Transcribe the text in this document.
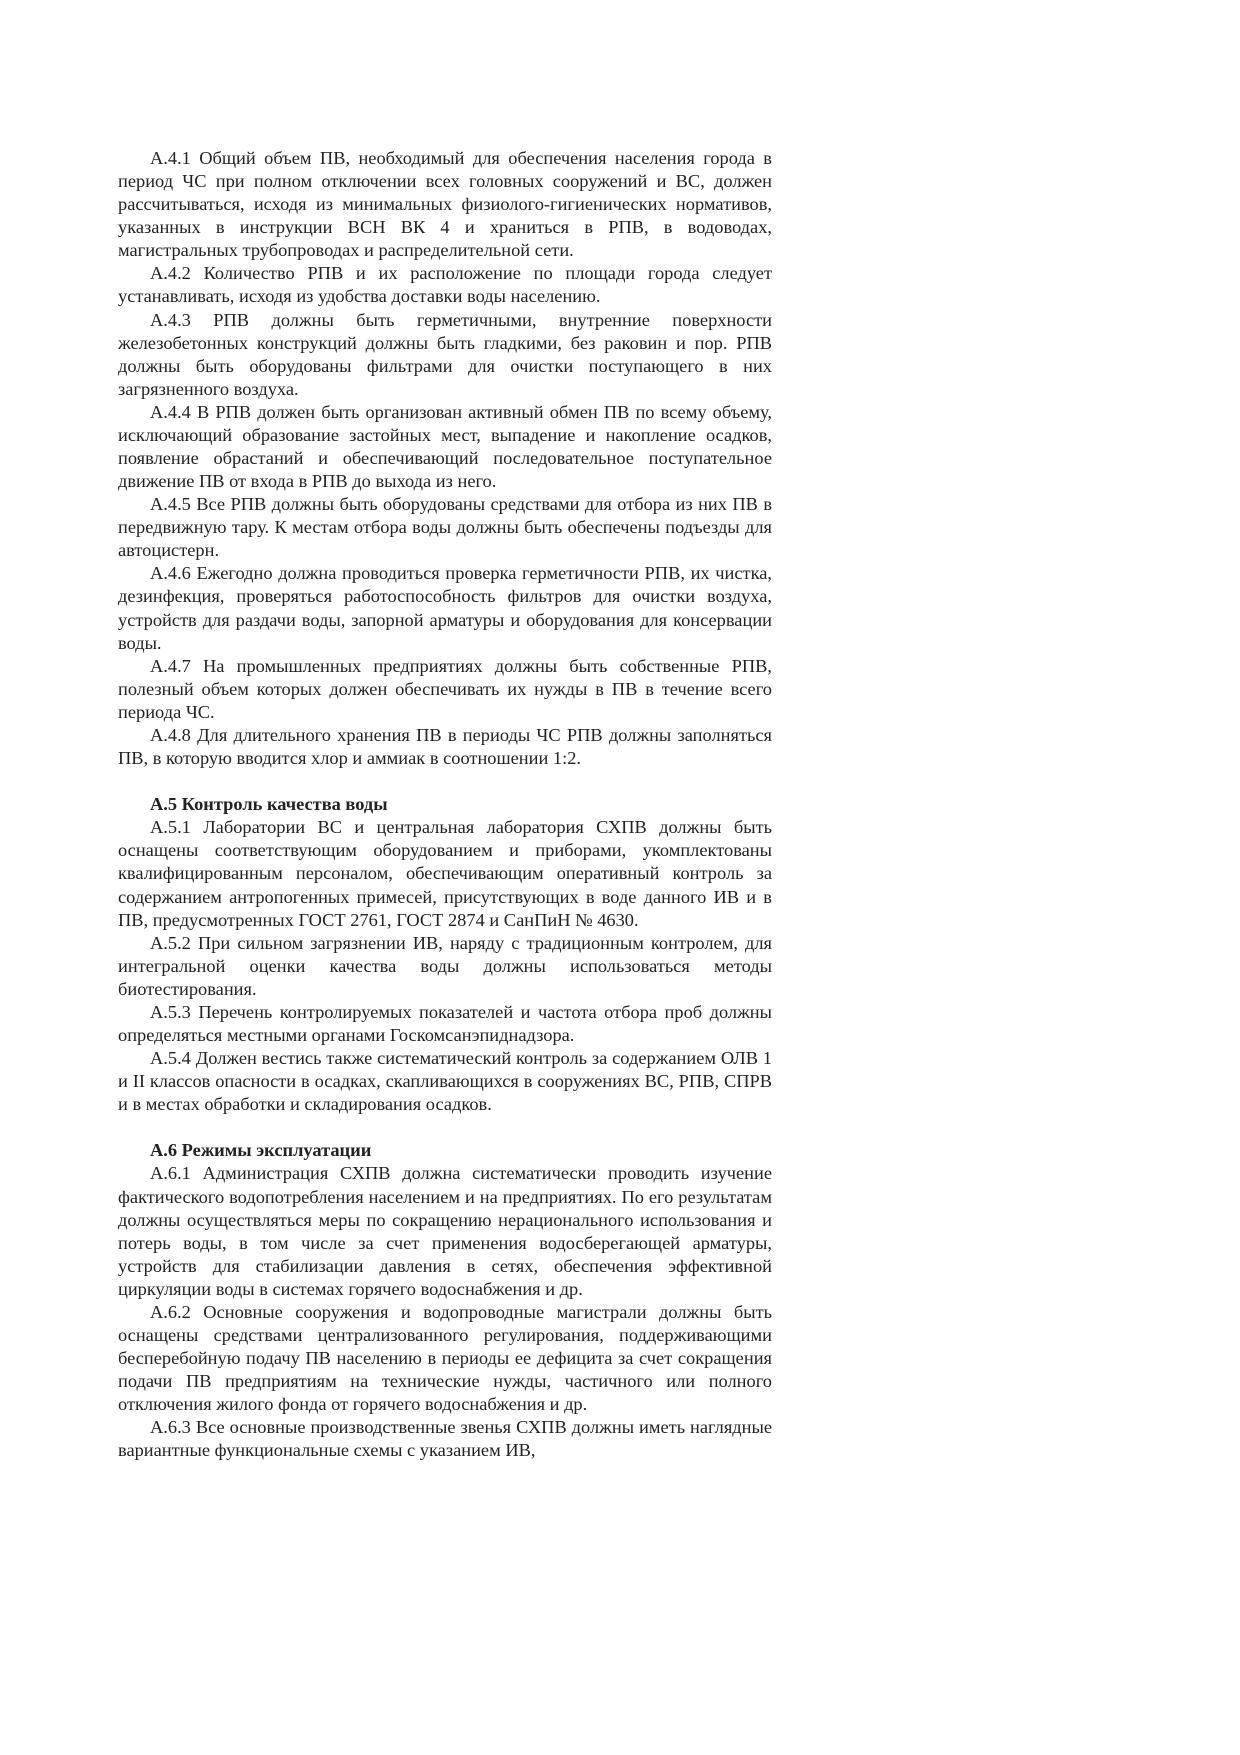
А.4.1 Общий объем ПВ, необходимый для обеспечения населения города в период ЧС при полном отключении всех головных сооружений и ВС, должен рассчитываться, исходя из минимальных физиолого-гигиенических нормативов, указанных в инструкции ВСН ВК 4 и храниться в РПВ, в водоводах, магистральных трубопроводах и распределительной сети.

А.4.2 Количество РПВ и их расположение по площади города следует устанавливать, исходя из удобства доставки воды населению.

А.4.3 РПВ должны быть герметичными, внутренние поверхности железобетонных конструкций должны быть гладкими, без раковин и пор. РПВ должны быть оборудованы фильтрами для очистки поступающего в них загрязненного воздуха.

А.4.4 В РПВ должен быть организован активный обмен ПВ по всему объему, исключающий образование застойных мест, выпадение и накопление осадков, появление обрастаний и обеспечивающий последовательное поступательное движение ПВ от входа в РПВ до выхода из него.

А.4.5 Все РПВ должны быть оборудованы средствами для отбора из них ПВ в передвижную тару. К местам отбора воды должны быть обеспечены подъезды для автоцистерн.

А.4.6 Ежегодно должна проводиться проверка герметичности РПВ, их чистка, дезинфекция, проверяться работоспособность фильтров для очистки воздуха, устройств для раздачи воды, запорной арматуры и оборудования для консервации воды.

А.4.7 На промышленных предприятиях должны быть собственные РПВ, полезный объем которых должен обеспечивать их нужды в ПВ в течение всего периода ЧС.

А.4.8 Для длительного хранения ПВ в периоды ЧС РПВ должны заполняться ПВ, в которую вводится хлор и аммиак в соотношении 1:2.

А.5 Контроль качества воды

А.5.1 Лаборатории ВС и центральная лаборатория СХПВ должны быть оснащены соответствующим оборудованием и приборами, укомплектованы квалифицированным персоналом, обеспечивающим оперативный контроль за содержанием антропогенных примесей, присутствующих в воде данного ИВ и в ПВ, предусмотренных ГОСТ 2761, ГОСТ 2874 и СанПиН № 4630.

А.5.2 При сильном загрязнении ИВ, наряду с традиционным контролем, для интегральной оценки качества воды должны использоваться методы биотестирования.

А.5.3 Перечень контролируемых показателей и частота отбора проб должны определяться местными органами Госкомсанэпиднадзора.

А.5.4 Должен вестись также систематический контроль за содержанием ОЛВ 1 и II классов опасности в осадках, скапливающихся в сооружениях ВС, РПВ, СПРВ и в местах обработки и складирования осадков.

А.6 Режимы эксплуатации

А.6.1 Администрация СХПВ должна систематически проводить изучение фактического водопотребления населением и на предприятиях. По его результатам должны осуществляться меры по сокращению нерационального использования и потерь воды, в том числе за счет применения водосберегающей арматуры, устройств для стабилизации давления в сетях, обеспечения эффективной циркуляции воды в системах горячего водоснабжения и др.

А.6.2 Основные сооружения и водопроводные магистрали должны быть оснащены средствами централизованного регулирования, поддерживающими бесперебойную подачу ПВ населению в периоды ее дефицита за счет сокращения подачи ПВ предприятиям на технические нужды, частичного или полного отключения жилого фонда от горячего водоснабжения и др.

А.6.3 Все основные производственные звенья СХПВ должны иметь наглядные вариантные функциональные схемы с указанием ИВ,
